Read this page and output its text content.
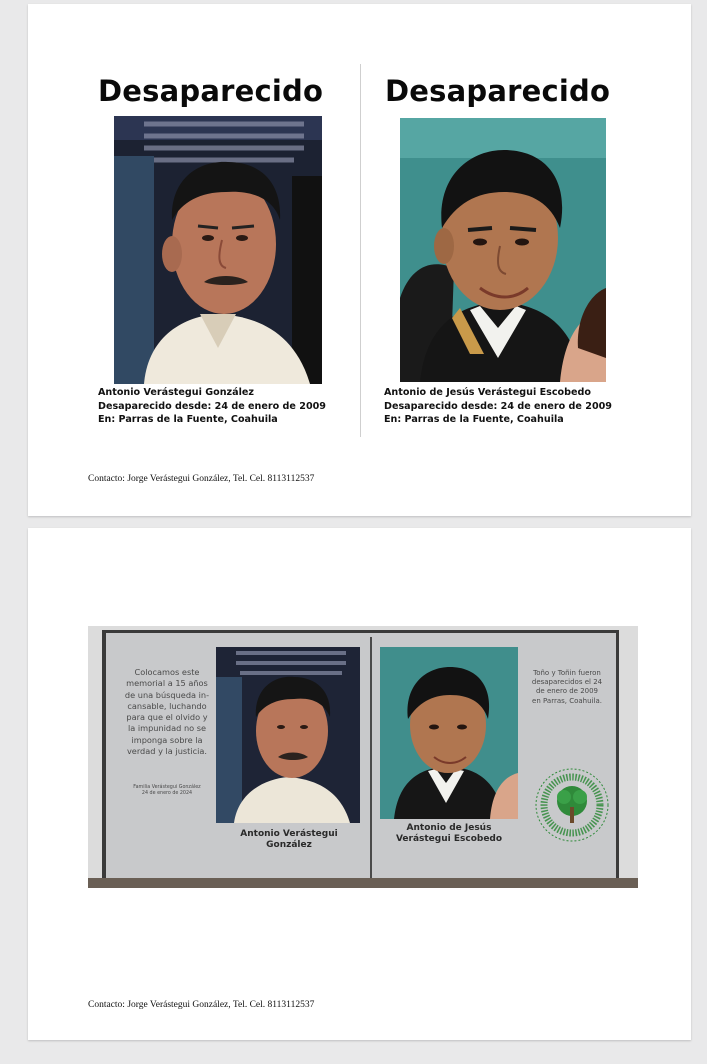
Desaparecido Desaparecido
Antonio Verástegui González
Desaparecido desde: 24 de enero de 2009
En: Parras de la Fuente, Coahuila
Antonio de Jesús Verástegui Escobedo
Desaparecido desde: 24 de enero de 2009
En: Parras de la Fuente, Coahuila
Contacto: Jorge Verástegui González, Tel. Cel. 8113112537
Colocamos este
memorial a 15 años
de una búsqueda in-
cansable, luchando
para que el olvido y
la impunidad no se
imponga sobre la
verdad y la justicia.
Familia Verástegui González
24 de enero de 2024
Antonio Verástegui
González
Antonio de Jesús
Verástegui Escobedo
Toño y Toñin fueron
desaparecidos el 24
de enero de 2009
en Parras, Coahuila.
Contacto: Jorge Verástegui González, Tel. Cel. 8113112537
